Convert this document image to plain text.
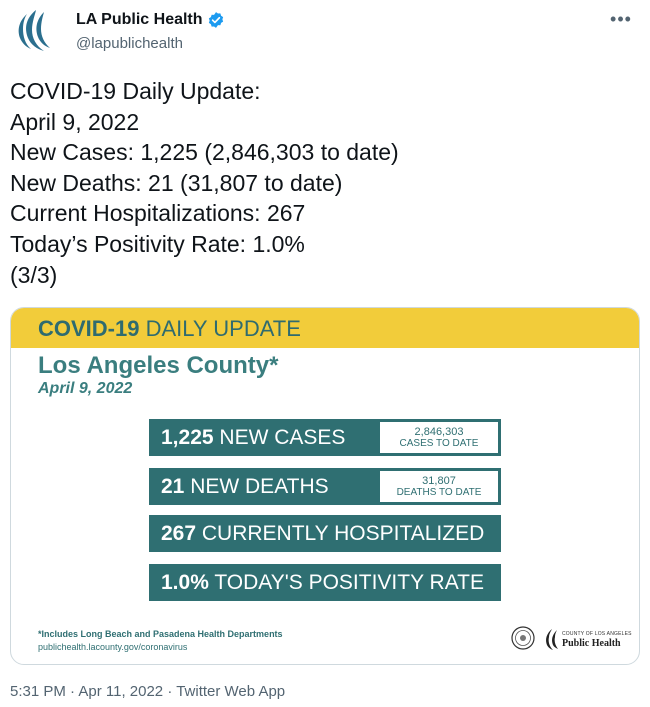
LA Public Health
@lapublichealth
•••
COVID-19 Daily Update:
April 9, 2022
New Cases: 1,225 (2,846,303 to date)
New Deaths: 21 (31,807 to date)
Current Hospitalizations: 267
Today’s Positivity Rate: 1.0%
(3/3)
COVID-19 DAILY UPDATE
Los Angeles County*
April 9, 2022
1,225 NEW CASES	2,846,303
CASES TO DATE
21 NEW DEATHS	31,807
DEATHS TO DATE
267 CURRENTLY HOSPITALIZED
1.0% TODAY'S POSITIVITY RATE
*Includes Long Beach and Pasadena Health Departments
publichealth.lacounty.gov/coronavirus
COUNTY OF LOS ANGELES
Public Health
5:31 PM · Apr 11, 2022 · Twitter Web App
